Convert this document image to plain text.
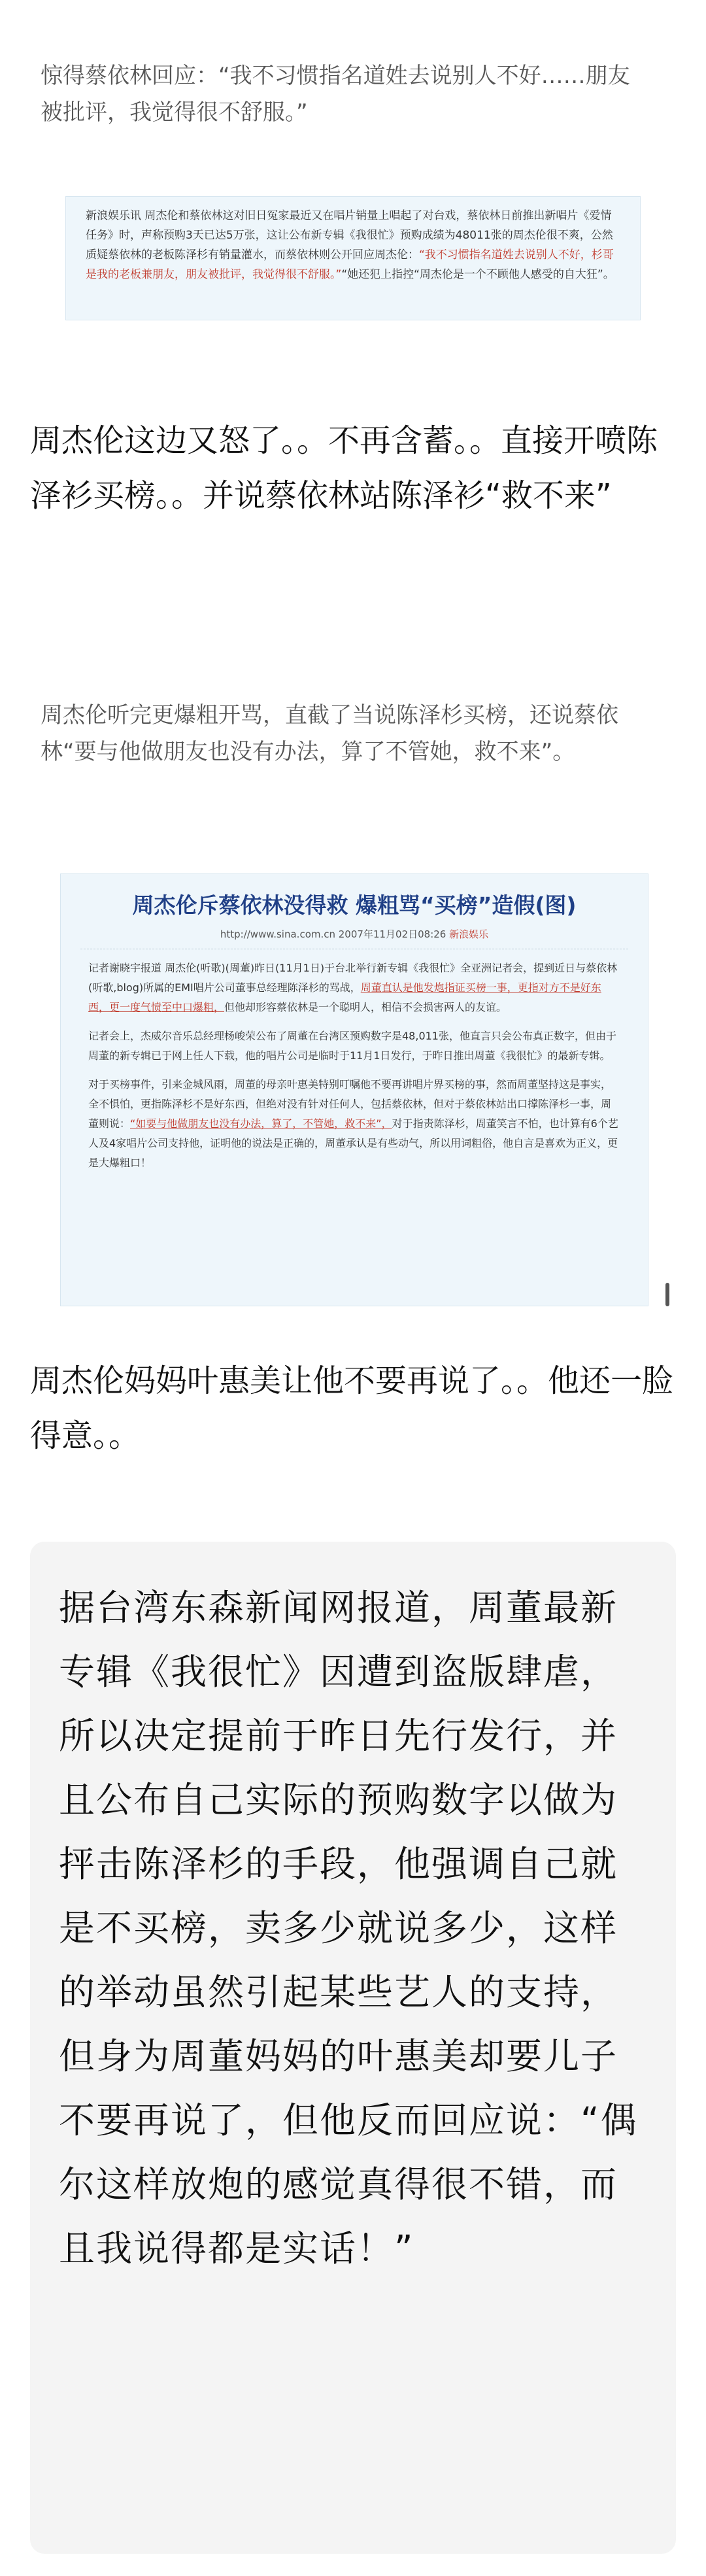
惊得蔡依林回应：“我不习惯指名道姓去说别人不好……朋友被批评，我觉得很不舒服。”
新浪娱乐讯 周杰伦和蔡依林这对旧日冤家最近又在唱片销量上唱起了对台戏，蔡依林日前推出新唱片《爱情任务》时，声称预购3天已达5万张，这让公布新专辑《我很忙》预购成绩为48011张的周杰伦很不爽，公然质疑蔡依林的老板陈泽杉有销量灌水，而蔡依林则公开回应周杰伦：“我不习惯指名道姓去说别人不好，杉哥是我的老板兼朋友，朋友被批评，我觉得很不舒服。”“她还犯上指控“周杰伦是一个不顾他人感受的自大狂”。
周杰伦这边又怒了。。不再含蓄。。直接开喷陈泽衫买榜。。并说蔡依林站陈泽衫“救不来”
周杰伦听完更爆粗开骂，直截了当说陈泽杉买榜，还说蔡依林“要与他做朋友也没有办法，算了不管她，救不来”。
周杰伦斥蔡依林没得救 爆粗骂“买榜”造假(图)
http://www.sina.com.cn 2007年11月02日08:26 新浪娱乐
记者谢晓宇报道 周杰伦(听歌)(周董)昨日(11月1日)于台北举行新专辑《我很忙》全亚洲记者会，提到近日与蔡依林(听歌,blog)所属的EMI唱片公司董事总经理陈泽杉的骂战，周董直认是他发炮指证买榜一事，更指对方不是好东西，更一度气愤至中口爆粗，但他却形容蔡依林是一个聪明人，相信不会损害两人的友谊。
记者会上，杰威尔音乐总经理杨峻荣公布了周董在台湾区预购数字是48,011张，他直言只会公布真正数字，但由于周董的新专辑已于网上任人下载，他的唱片公司是临时于11月1日发行，于昨日推出周董《我很忙》的最新专辑。
对于买榜事件，引来金城风雨，周董的母亲叶惠美特别叮嘱他不要再讲唱片界买榜的事，然而周董坚持这是事实，全不惧怕，更指陈泽杉不是好东西，但绝对没有针对任何人，包括蔡依林，但对于蔡依林站出口撑陈泽杉一事，周董则说：“如要与他做朋友也没有办法，算了，不管她，救不来”，对于指责陈泽杉，周董笑言不怕，也计算有6个艺人及4家唱片公司支持他，证明他的说法是正确的，周董承认是有些动气，所以用词粗俗，他自言是喜欢为正义，更是大爆粗口！
周杰伦妈妈叶惠美让他不要再说了。。他还一脸得意。。
据台湾东森新闻网报道，周董最新专辑《我很忙》因遭到盗版肆虐，所以决定提前于昨日先行发行，并且公布自己实际的预购数字以做为抨击陈泽杉的手段，他强调自己就是不买榜，卖多少就说多少，这样的举动虽然引起某些艺人的支持，但身为周董妈妈的叶惠美却要儿子不要再说了，但他反而回应说：“偶尔这样放炮的感觉真得很不错，而且我说得都是实话！”
